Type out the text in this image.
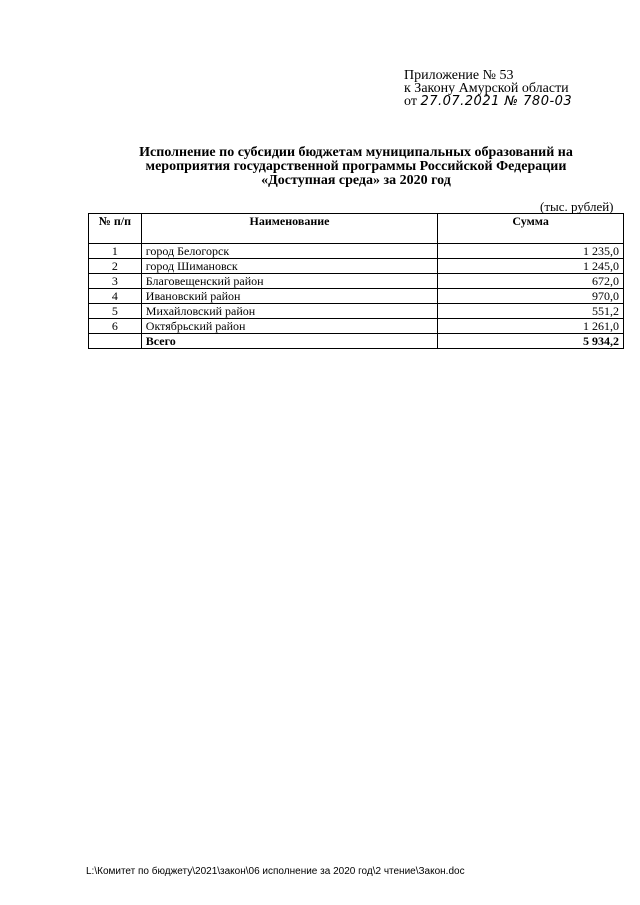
Приложение № 53
к Закону Амурской области
от 27.07.2021 № 780-03
Исполнение по субсидии бюджетам муниципальных образований на
мероприятия государственной программы Российской Федерации
«Доступная среда» за 2020 год
(тыс. рублей)
№ п/п	Наименование	Сумма
1	город Белогорск	1 235,0
2	город Шимановск	1 245,0
3	Благовещенский район	672,0
4	Ивановский район	970,0
5	Михайловский район	551,2
6	Октябрьский район	1 261,0
	Всего	5 934,2
L:\Комитет по бюджету\2021\закон\06 исполнение за 2020 год\2 чтение\Закон.doc
